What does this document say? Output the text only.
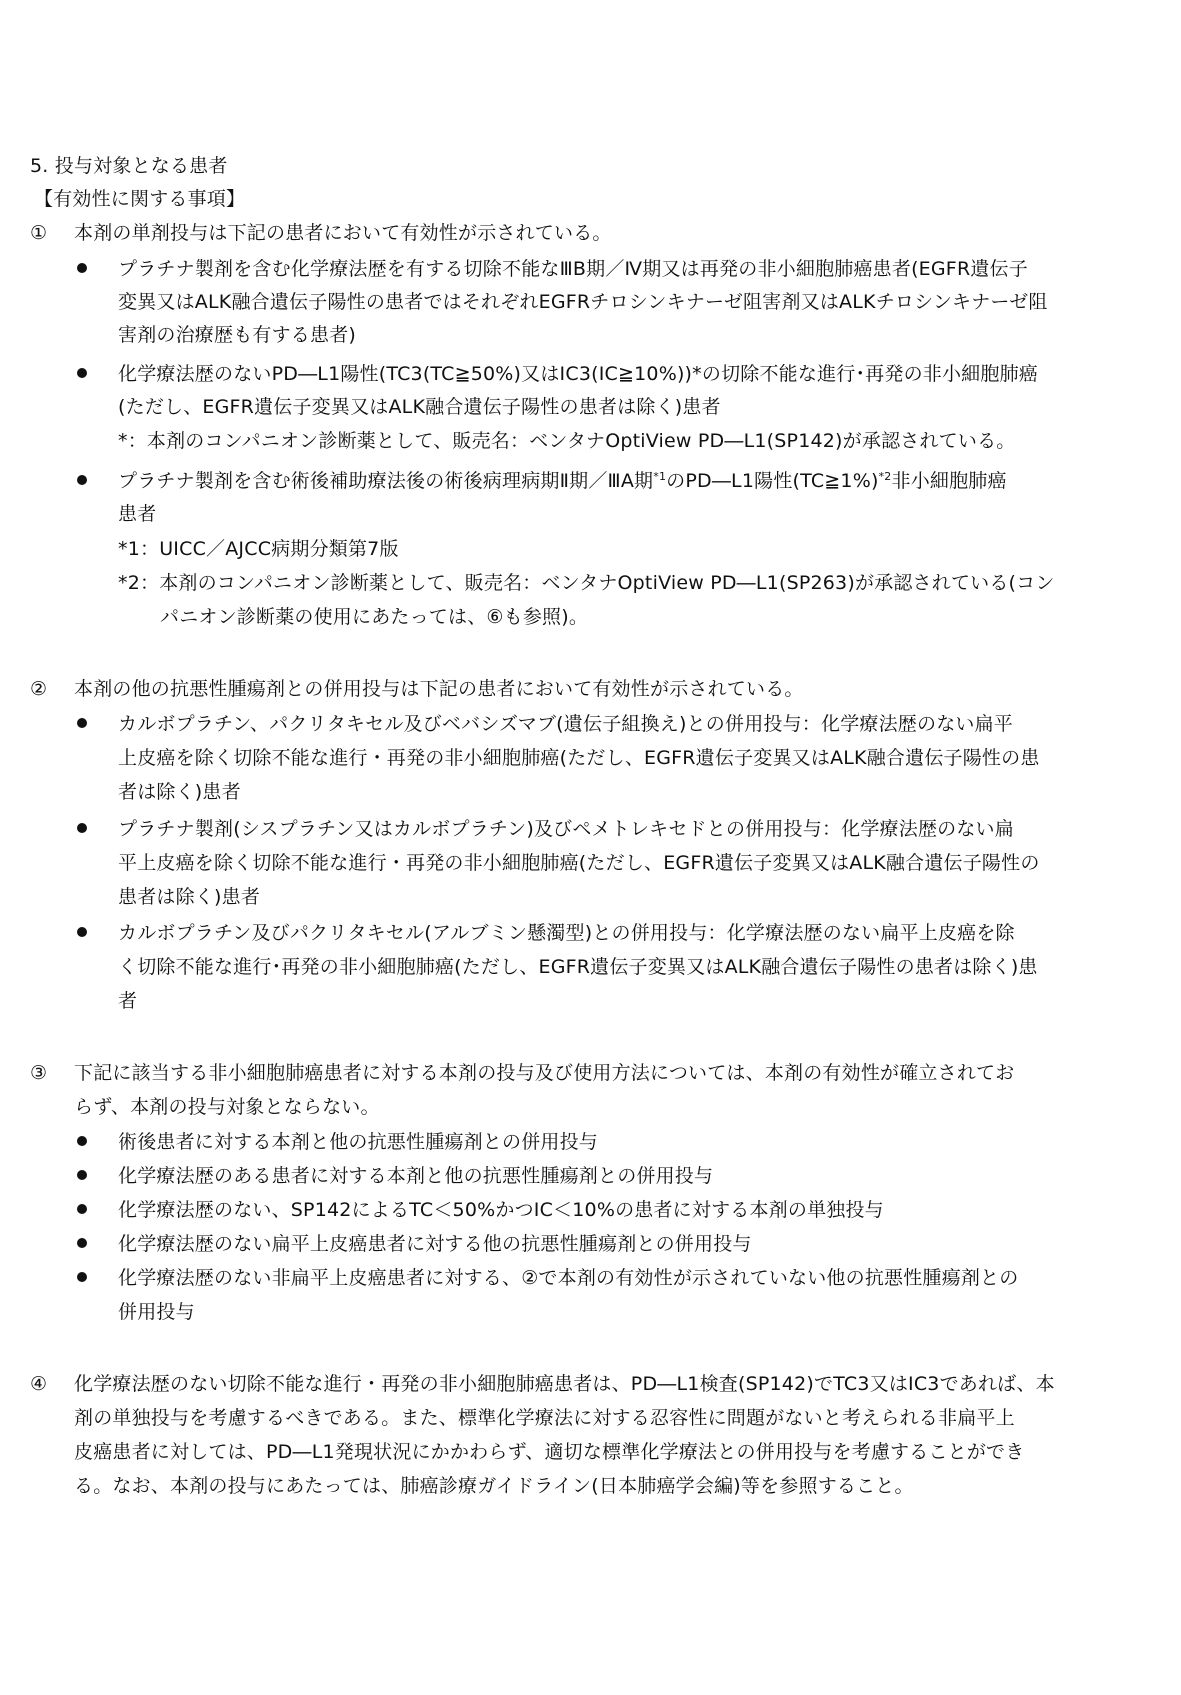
5. 投与対象となる患者
【有効性に関する事項】
①	本剤の単剤投与は下記の患者において有効性が示されている。
プラチナ製剤を含む化学療法歴を有する切除不能なⅢB期／Ⅳ期又は再発の非小細胞肺癌患者(EGFR遺伝子
変異又はALK融合遺伝子陽性の患者ではそれぞれEGFRチロシンキナーゼ阻害剤又はALKチロシンキナーゼ阻
害剤の治療歴も有する患者)
化学療法歴のないPD―L1陽性(TC3(TC≧50%)又はIC3(IC≧10%))*の切除不能な進行･再発の非小細胞肺癌
(ただし、EGFR遺伝子変異又はALK融合遺伝子陽性の患者は除く)患者
*：本剤のコンパニオン診断薬として、販売名：ベンタナOptiView PD―L1(SP142)が承認されている。
プラチナ製剤を含む術後補助療法後の術後病理病期Ⅱ期／ⅢA期$^{*1}$のPD―L1陽性(TC≧1%)$^{*2}$非小細胞肺癌
患者
*1：UICC／AJCC病期分類第7版
*2：本剤のコンパニオン診断薬として、販売名：ベンタナOptiView PD―L1(SP263)が承認されている(コン
パニオン診断薬の使用にあたっては、⑥も参照)。
②	本剤の他の抗悪性腫瘍剤との併用投与は下記の患者において有効性が示されている。
カルボプラチン、パクリタキセル及びベバシズマブ(遺伝子組換え)との併用投与：化学療法歴のない扁平
上皮癌を除く切除不能な進行・再発の非小細胞肺癌(ただし、EGFR遺伝子変異又はALK融合遺伝子陽性の患
者は除く)患者
プラチナ製剤(シスプラチン又はカルボプラチン)及びペメトレキセドとの併用投与：化学療法歴のない扁
平上皮癌を除く切除不能な進行・再発の非小細胞肺癌(ただし、EGFR遺伝子変異又はALK融合遺伝子陽性の
患者は除く)患者
カルボプラチン及びパクリタキセル(アルブミン懸濁型)との併用投与：化学療法歴のない扁平上皮癌を除
く切除不能な進行･再発の非小細胞肺癌(ただし、EGFR遺伝子変異又はALK融合遺伝子陽性の患者は除く)患
者
③	下記に該当する非小細胞肺癌患者に対する本剤の投与及び使用方法については、本剤の有効性が確立されてお
らず、本剤の投与対象とならない。
術後患者に対する本剤と他の抗悪性腫瘍剤との併用投与
化学療法歴のある患者に対する本剤と他の抗悪性腫瘍剤との併用投与
化学療法歴のない、SP142によるTC＜50%かつIC＜10%の患者に対する本剤の単独投与
化学療法歴のない扁平上皮癌患者に対する他の抗悪性腫瘍剤との併用投与
化学療法歴のない非扁平上皮癌患者に対する、②で本剤の有効性が示されていない他の抗悪性腫瘍剤との
併用投与
④	化学療法歴のない切除不能な進行・再発の非小細胞肺癌患者は、PD―L1検査(SP142)でTC3又はIC3であれば、本
剤の単独投与を考慮するべきである。また、標準化学療法に対する忍容性に問題がないと考えられる非扁平上
皮癌患者に対しては、PD―L1発現状況にかかわらず、適切な標準化学療法との併用投与を考慮することができ
る。なお、本剤の投与にあたっては、肺癌診療ガイドライン(日本肺癌学会編)等を参照すること。
